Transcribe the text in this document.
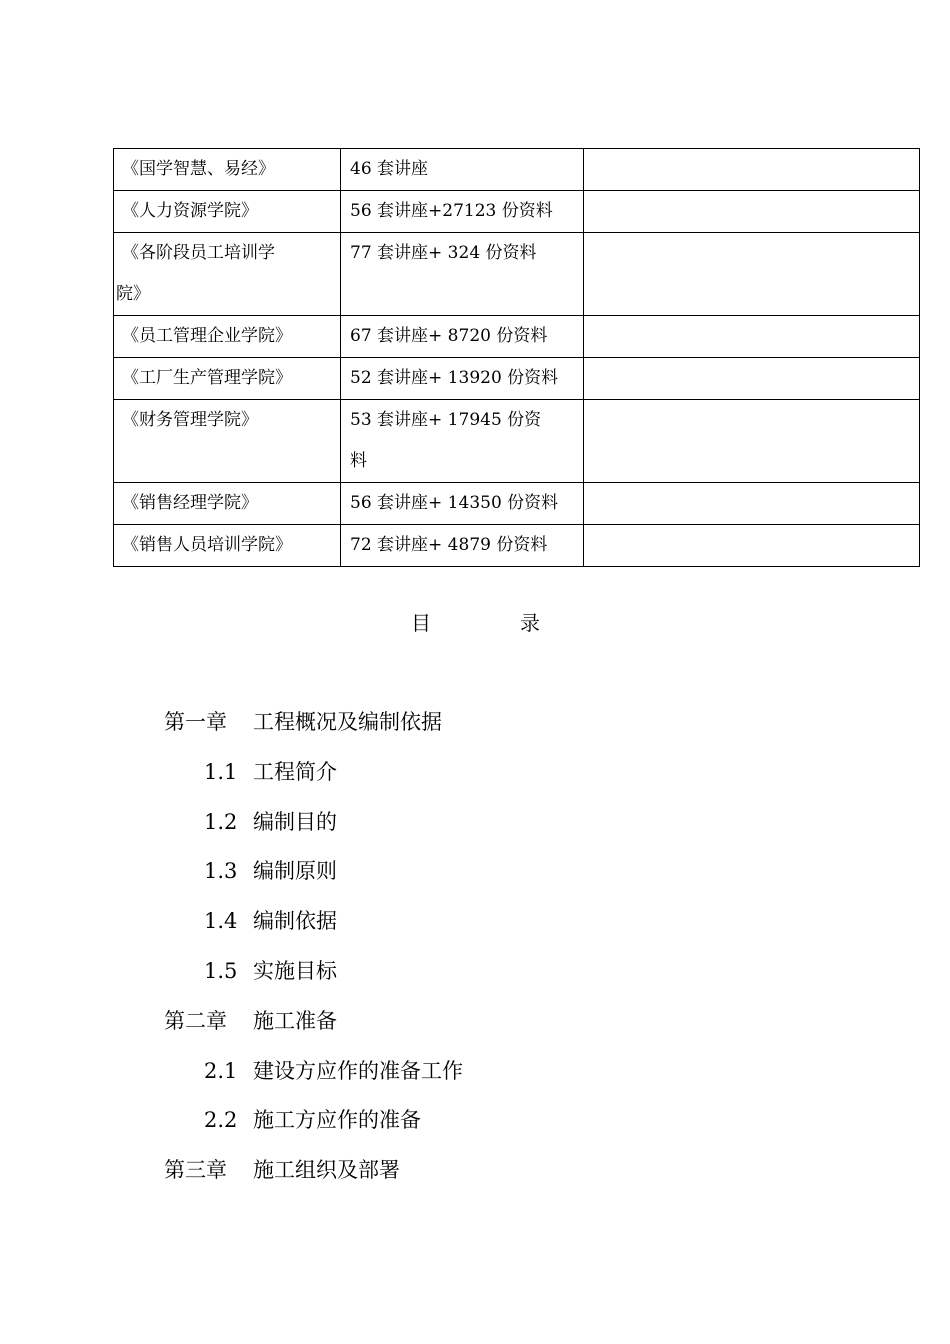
《国学智慧、易经》	46 套讲座	
《人力资源学院》	56 套讲座+27123 份资料	
《各阶段员工培训学
院》	77 套讲座+ 324 份资料	
《员工管理企业学院》	67 套讲座+ 8720 份资料	
《工厂生产管理学院》	52 套讲座+ 13920 份资料	
《财务管理学院》	53 套讲座+ 17945 份资
料	
《销售经理学院》	56 套讲座+ 14350 份资料	
《销售人员培训学院》	72 套讲座+ 4879 份资料	
目	录
第一章 工程概况及编制依据
1.1 工程简介
1.2 编制目的
1.3 编制原则
1.4 编制依据
1.5 实施目标
第二章 施工准备
2.1 建设方应作的准备工作
2.2 施工方应作的准备
第三章 施工组织及部署
